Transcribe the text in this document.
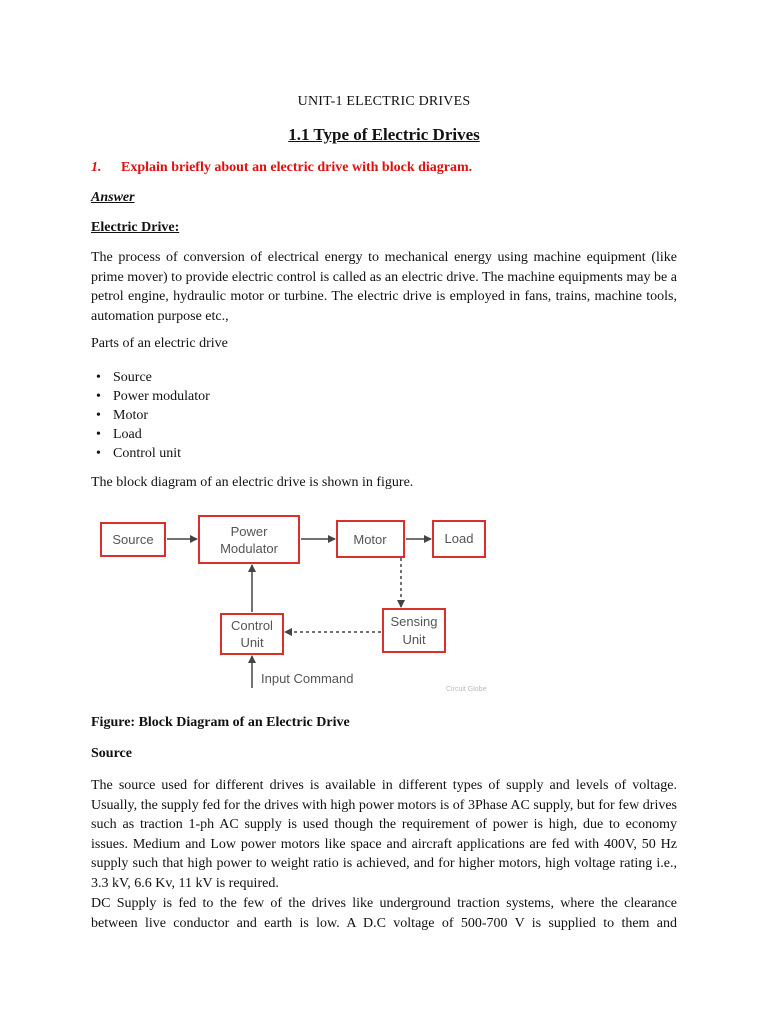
UNIT-1 ELECTRIC DRIVES
1.1 Type of Electric Drives
1. Explain briefly about an electric drive with block diagram.
Answer
Electric Drive:
The process of conversion of electrical energy to mechanical energy using machine equipment (like prime mover) to provide electric control is called as an electric drive. The machine equipments may be a petrol engine, hydraulic motor or turbine. The electric drive is employed in fans, trains, machine tools, automation purpose etc.,
Parts of an electric drive
• Source
• Power modulator
• Motor
• Load
• Control unit
The block diagram of an electric drive is shown in figure.
Source
Power
Modulator
Motor	Load
Control
Unit
Sensing
Unit
Input Command
Circuit Globe
Figure: Block Diagram of an Electric Drive
Source
The source used for different drives is available in different types of supply and levels of voltage. Usually, the supply fed for the drives with high power motors is of 3Phase AC supply, but for few drives such as traction 1-ph AC supply is used though the requirement of power is high, due to economy issues. Medium and Low power motors like space and aircraft applications are fed with 400V, 50 Hz supply such that high power to weight ratio is achieved, and for higher motors, high voltage rating i.e., 3.3 kV, 6.6 Kv, 11 kV is required.
DC Supply is fed to the few of the drives like underground traction systems, where the clearance between live conductor and earth is low. A D.C voltage of 500-700 V is supplied to them and
